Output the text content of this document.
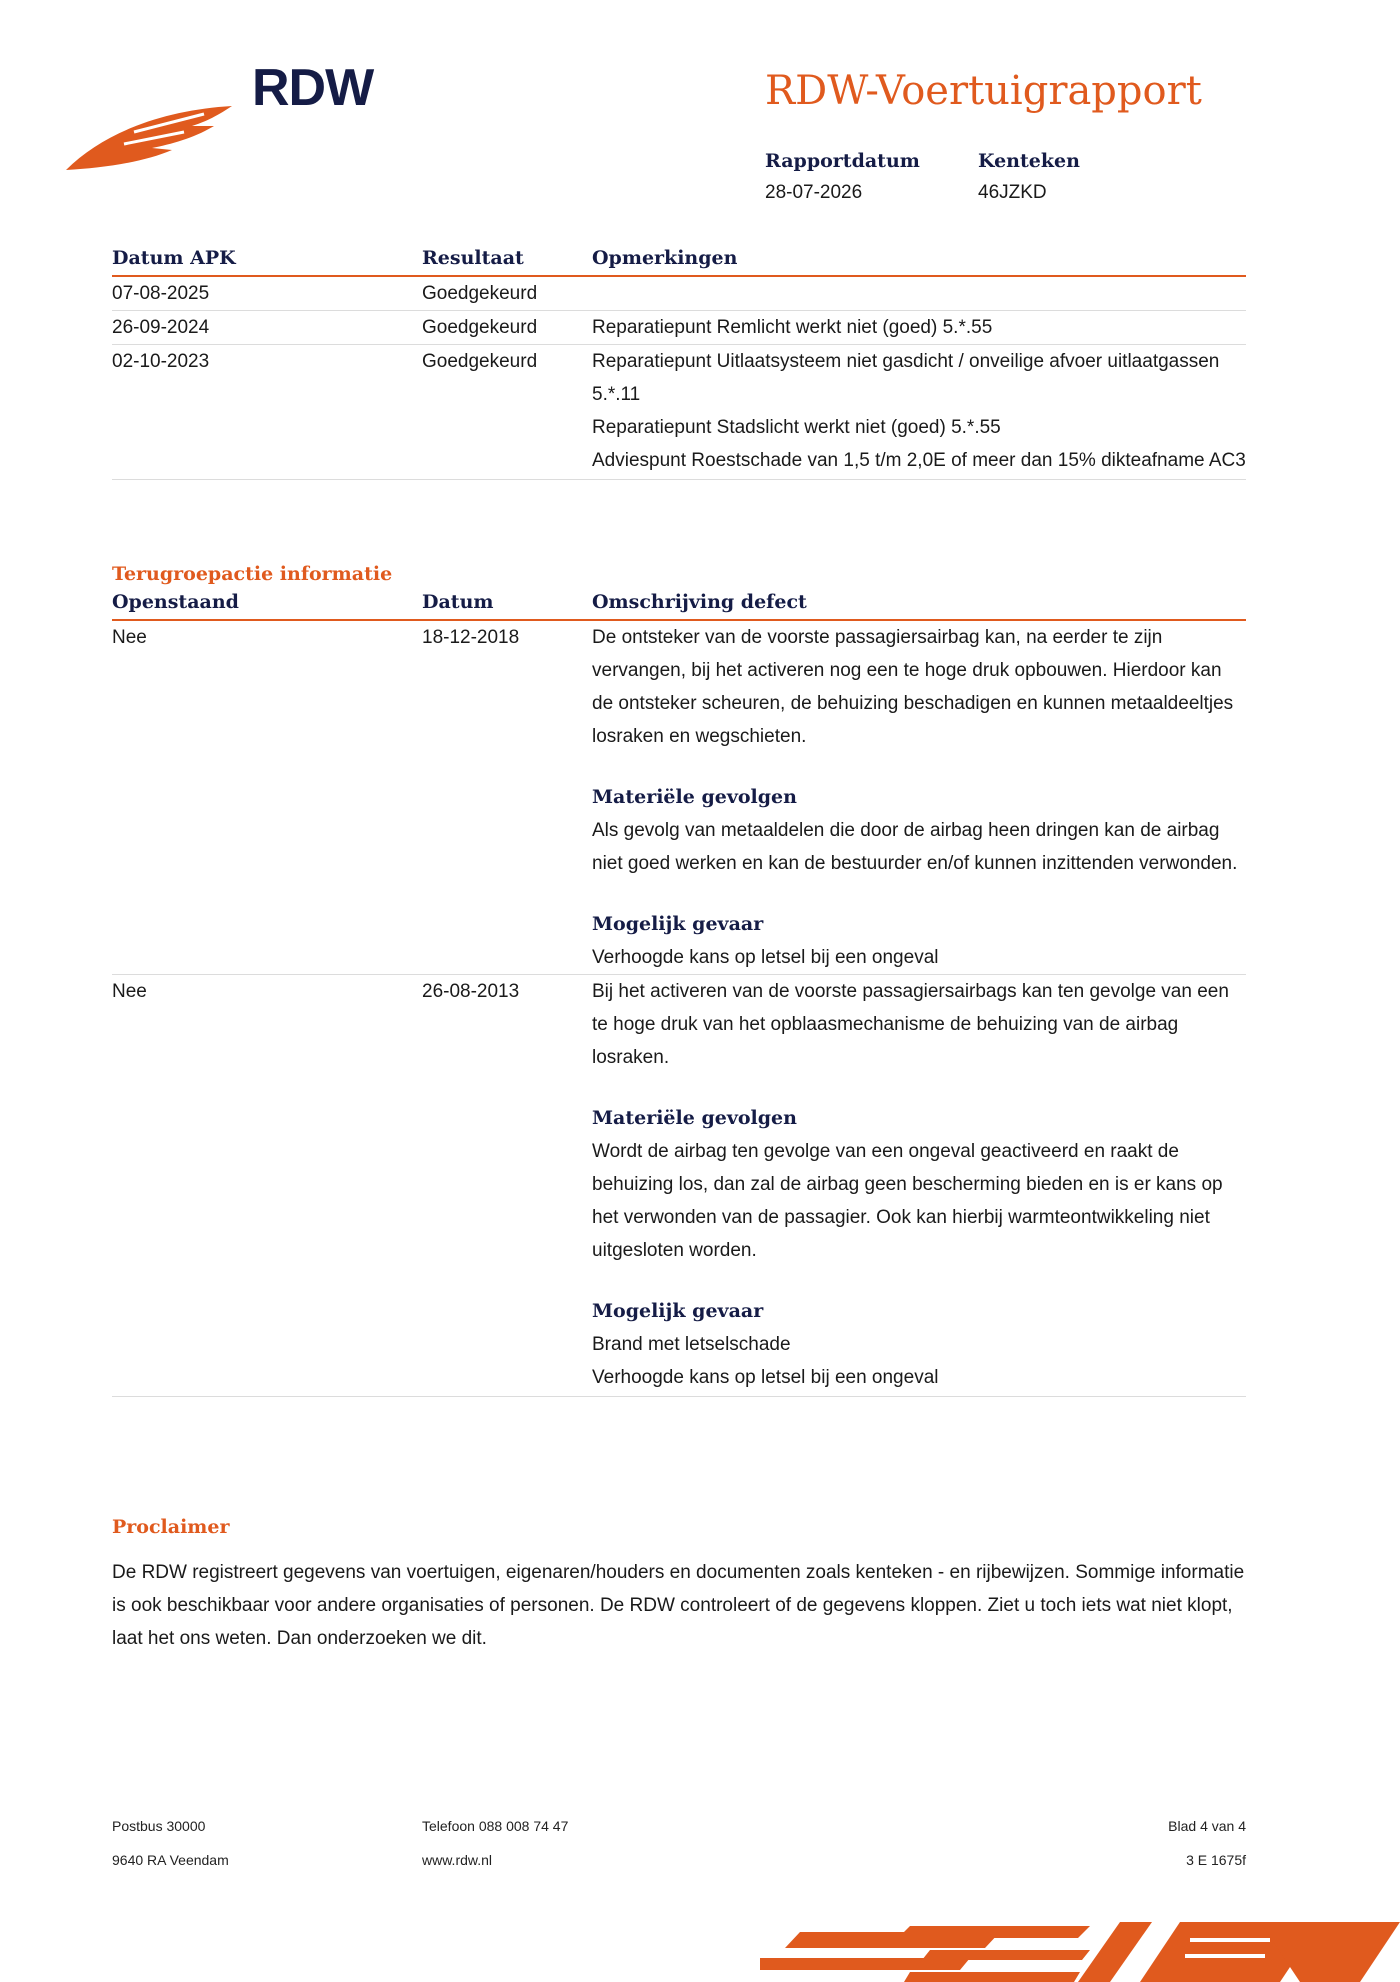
RDW	RDW-Voertuigrapport
Rapportdatum
28-07-2026
Kenteken
46JZKD
Datum APK	Resultaat	Opmerkingen
07-08-2025	Goedgekeurd
26-09-2024	Goedgekeurd	Reparatiepunt Remlicht werkt niet (goed) 5.*.55
02-10-2023	Goedgekeurd	Reparatiepunt Uitlaatsysteem niet gasdicht / onveilige afvoer uitlaatgassen 5.*.11
Reparatiepunt Stadslicht werkt niet (goed) 5.*.55
Adviespunt Roestschade van 1,5 t/m 2,0E of meer dan 15% dikteafname AC3
Terugroepactie informatie
Openstaand	Datum	Omschrijving defect
Nee	18-12-2018	De ontsteker van de voorste passagiersairbag kan, na eerder te zijn vervangen, bij het activeren nog een te hoge druk opbouwen. Hierdoor kan de ontsteker scheuren, de behuizing beschadigen en kunnen metaaldeeltjes losraken en wegschieten.
Materiële gevolgen
Als gevolg van metaaldelen die door de airbag heen dringen kan de airbag niet goed werken en kan de bestuurder en/of kunnen inzittenden verwonden.
Mogelijk gevaar
Verhoogde kans op letsel bij een ongeval
Nee	26-08-2013	Bij het activeren van de voorste passagiersairbags kan ten gevolge van een te hoge druk van het opblaasmechanisme de behuizing van de airbag losraken.
Materiële gevolgen
Wordt de airbag ten gevolge van een ongeval geactiveerd en raakt de behuizing los, dan zal de airbag geen bescherming bieden en is er kans op het verwonden van de passagier. Ook kan hierbij warmteontwikkeling niet uitgesloten worden.
Mogelijk gevaar
Brand met letselschade
Verhoogde kans op letsel bij een ongeval
Proclaimer

De RDW registreert gegevens van voertuigen, eigenaren/houders en documenten zoals kenteken - en rijbewijzen. Sommige informatie is ook beschikbaar voor andere organisaties of personen. De RDW controleert of de gegevens kloppen. Ziet u toch iets wat niet klopt, laat het ons weten. Dan onderzoeken we dit.

Postbus 30000
9640 RA Veendam
Telefoon 088 008 74 47
www.rdw.nl
Blad 4 van 4
3 E 1675f
